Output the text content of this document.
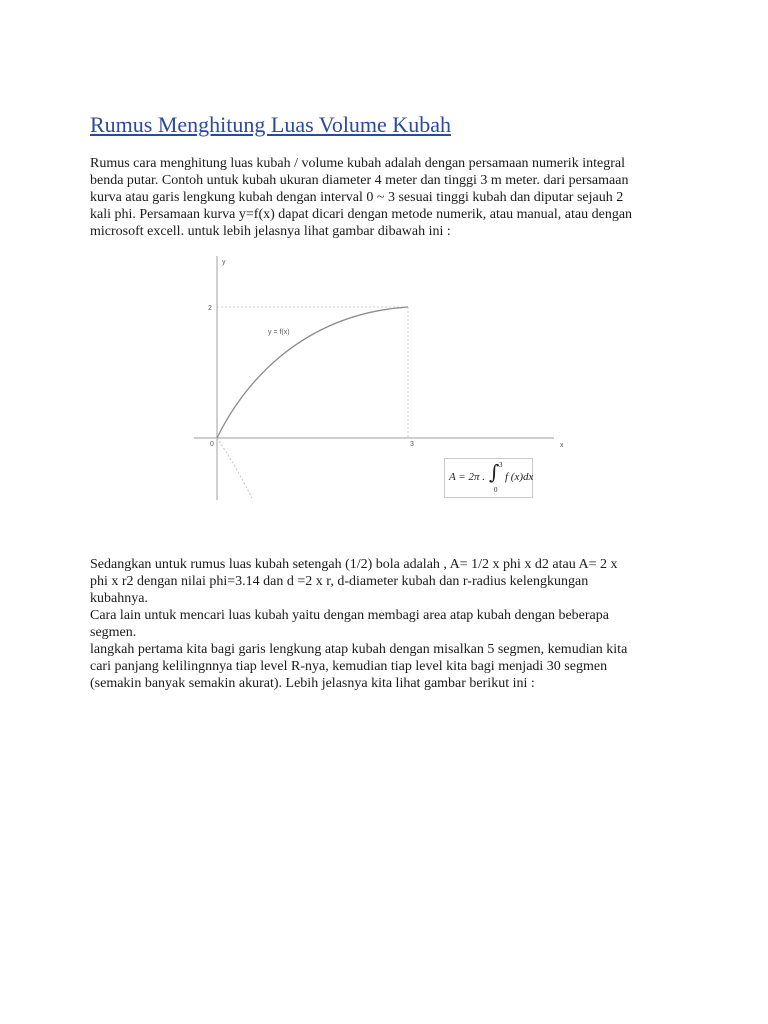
Rumus Menghitung Luas Volume Kubah

Rumus cara menghitung luas kubah / volume kubah adalah dengan persamaan numerik integral
benda putar. Contoh untuk kubah ukuran diameter 4 meter dan tinggi 3 m meter. dari persamaan
kurva atau garis lengkung kubah dengan interval 0 ~ 3 sesuai tinggi kubah dan diputar sejauh 2
kali phi. Persamaan kurva y=f(x) dapat dicari dengan metode numerik, atau manual, atau dengan
microsoft excell. untuk lebih jelasnya lihat gambar dibawah ini :

y
x
2
0	3
y = f(x)
A = 2π . ∫ 3
0
f (x)dx

Sedangkan untuk rumus luas kubah setengah (1/2) bola adalah , A= 1/2 x phi x d2 atau A= 2 x
phi x r2 dengan nilai phi=3.14 dan d =2 x r, d-diameter kubah dan r-radius kelengkungan
kubahnya.
Cara lain untuk mencari luas kubah yaitu dengan membagi area atap kubah dengan beberapa
segmen.
langkah pertama kita bagi garis lengkung atap kubah dengan misalkan 5 segmen, kemudian kita
cari panjang kelilingnnya tiap level R-nya, kemudian tiap level kita bagi menjadi 30 segmen
(semakin banyak semakin akurat). Lebih jelasnya kita lihat gambar berikut ini :
